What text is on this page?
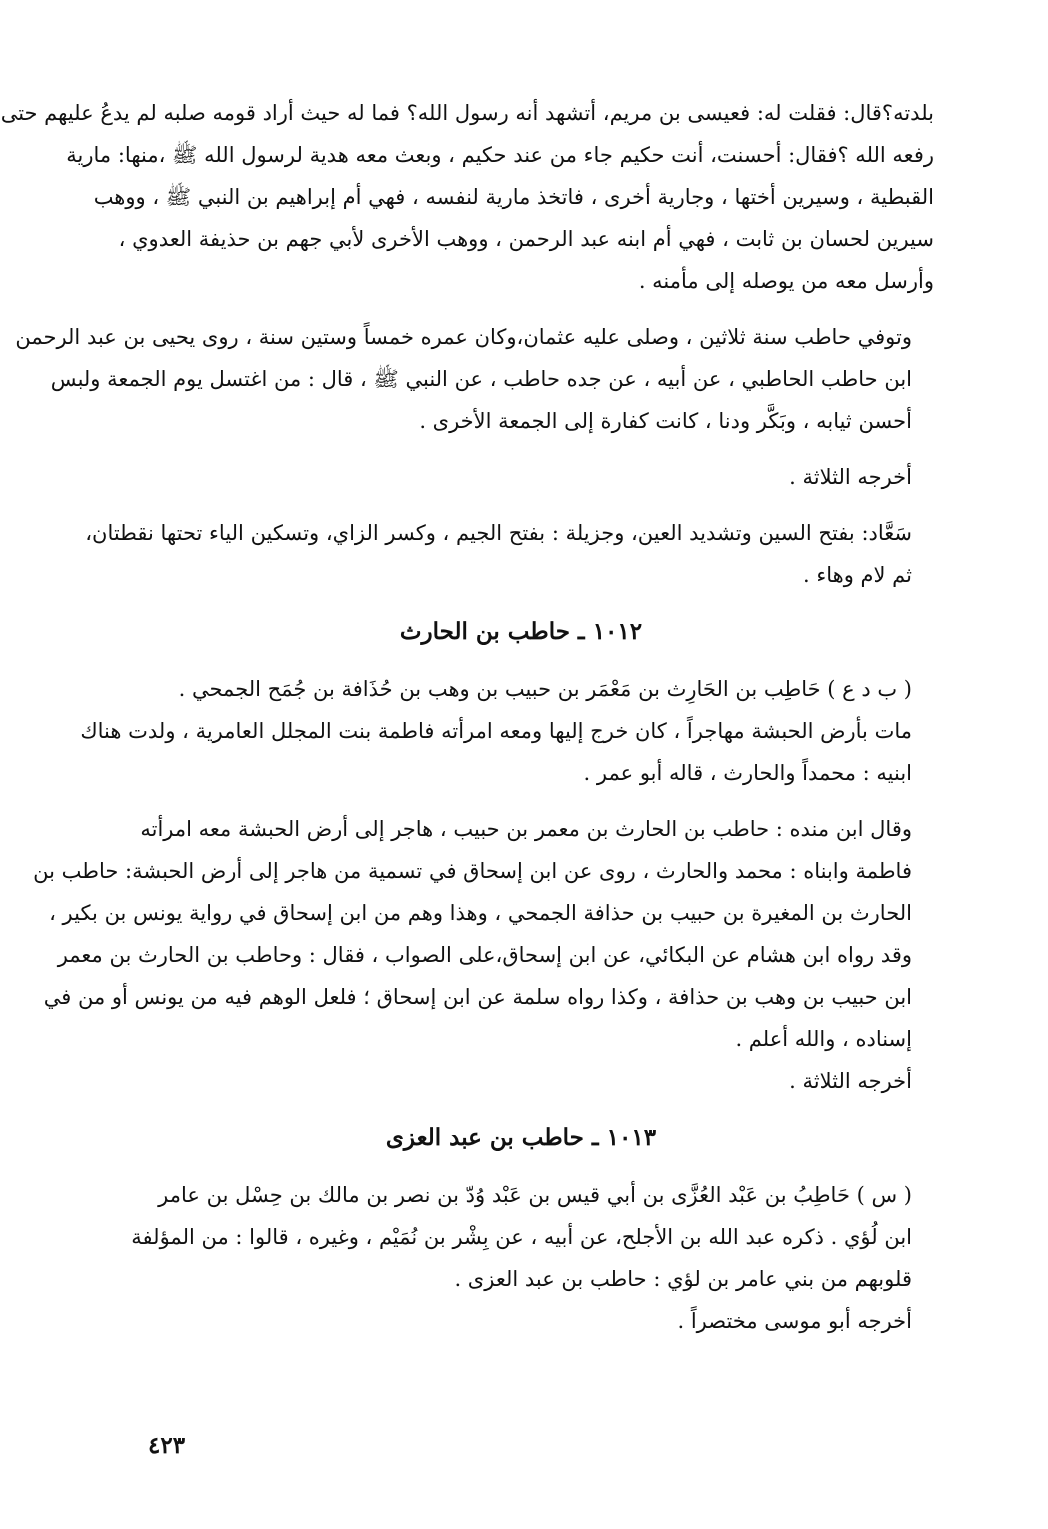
بلدته؟قال: فقلت له: فعيسى بن مريم، أتشهد أنه رسول الله؟ فما له حيث أراد قومه صلبه لم يدعُ عليهم حتى
رفعه الله ؟فقال: أحسنت، أنت حكيم جاء من عند حكيم ، وبعث معه هدية لرسول الله ﷺ ،منها: مارية
القبطية ، وسيرين أختها ، وجارية أخرى ، فاتخذ مارية لنفسه ، فهي أم إبراهيم بن النبي ﷺ ، ووهب
سيرين لحسان بن ثابت ، فهي أم ابنه عبد الرحمن ، ووهب الأخرى لأبي جهم بن حذيفة العدوي ،
وأرسل معه من يوصله إلى مأمنه .
وتوفي حاطب سنة ثلاثين ، وصلى عليه عثمان،وكان عمره خمساً وستين سنة ، روى يحيى بن عبد الرحمن
ابن حاطب الحاطبي ، عن أبيه ، عن جده حاطب ، عن النبي ﷺ ، قال : من اغتسل يوم الجمعة ولبس
أحسن ثيابه ، وبَكَّر ودنا ، كانت كفارة إلى الجمعة الأخرى .
أخرجه الثلاثة .
سَعَّاد: بفتح السين وتشديد العين، وجزيلة : بفتح الجيم ، وكسر الزاي، وتسكين الياء تحتها نقطتان،
ثم لام وهاء .
١٠١٢ ـ حاطب بن الحارث
( ب د ع ) حَاطِب بن الحَارِث بن مَعْمَر بن حبيب بن وهب بن حُذَافة بن جُمَح الجمحي .
مات بأرض الحبشة مهاجراً ، كان خرج إليها ومعه امرأته فاطمة بنت المجلل العامرية ، ولدت هناك
ابنيه : محمداً والحارث ، قاله أبو عمر .
وقال ابن منده : حاطب بن الحارث بن معمر بن حبيب ، هاجر إلى أرض الحبشة معه امرأته
فاطمة وابناه : محمد والحارث ، روى عن ابن إسحاق في تسمية من هاجر إلى أرض الحبشة: حاطب بن
الحارث بن المغيرة بن حبيب بن حذافة الجمحي ، وهذا وهم من ابن إسحاق في رواية يونس بن بكير ،
وقد رواه ابن هشام عن البكائي، عن ابن إسحاق،على الصواب ، فقال : وحاطب بن الحارث بن معمر
ابن حبيب بن وهب بن حذافة ، وكذا رواه سلمة عن ابن إسحاق ؛ فلعل الوهم فيه من يونس أو من في
إسناده ، والله أعلم .
أخرجه الثلاثة .
١٠١٣ ـ حاطب بن عبد العزى
( س ) حَاطِبُ بن عَبْد العُزَّى بن أبي قيس بن عَبْد وُدّ بن نصر بن مالك بن حِسْل بن عامر
ابن لُؤي . ذكره عبد الله بن الأجلح، عن أبيه ، عن بِشْر بن نُمَيْم ، وغيره ، قالوا : من المؤلفة
قلوبهم من بني عامر بن لؤي : حاطب بن عبد العزى .
أخرجه أبو موسى مختصراً .
٤٢٣
